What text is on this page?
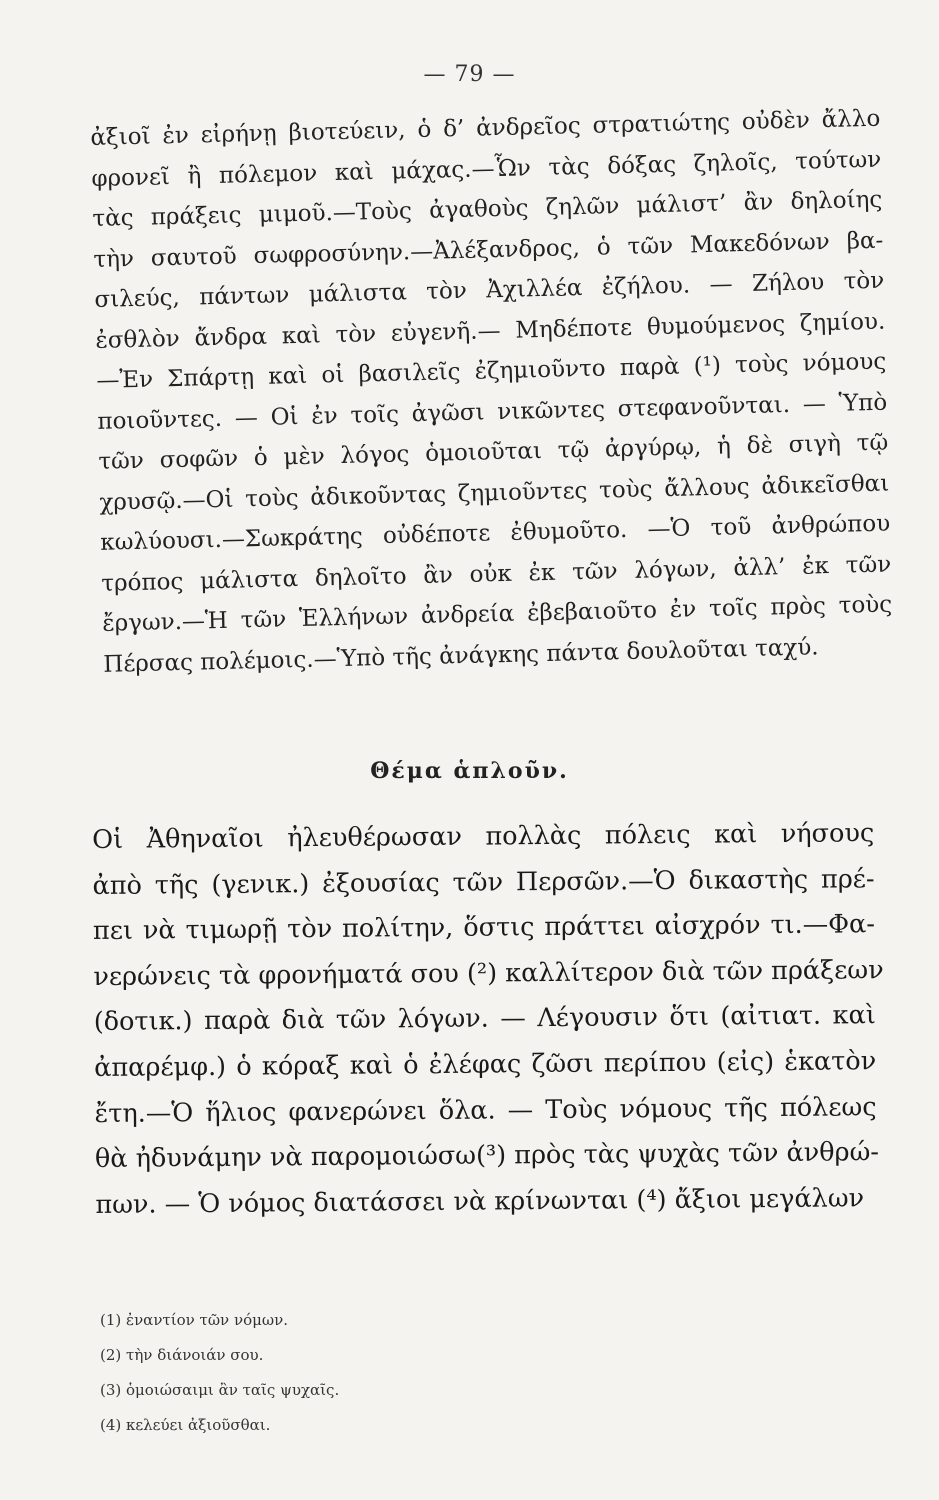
— 79 —
ἀξιοῖ ἐν εἰρήνῃ βιοτεύειν, ὁ δ’ ἀνδρεῖος στρατιώτης οὐδὲν ἄλλο
φρονεῖ ἢ πόλεμον καὶ μάχας.—Ὧν τὰς δόξας ζηλοῖς, τούτων
τὰς πράξεις μιμοῦ.—Τοὺς ἀγαθοὺς ζηλῶν μάλιστ’ ἂν δηλοίης
τὴν σαυτοῦ σωφροσύνην.—Ἀλέξανδρος, ὁ τῶν Μακεδόνων βα-
σιλεύς, πάντων μάλιστα τὸν Ἀχιλλέα ἐζήλου. — Ζήλου τὸν
ἐσθλὸν ἄνδρα καὶ τὸν εὐγενῆ.— Μηδέποτε θυμούμενος ζημίου.
—Ἐν Σπάρτῃ καὶ οἱ βασιλεῖς ἐζημιοῦντο παρὰ (¹) τοὺς νόμους
ποιοῦντες. — Οἱ ἐν τοῖς ἀγῶσι νικῶντες στεφανοῦνται. — Ὑπὸ
τῶν σοφῶν ὁ μὲν λόγος ὁμοιοῦται τῷ ἀργύρῳ, ἡ δὲ σιγὴ τῷ
χρυσῷ.—Οἱ τοὺς ἀδικοῦντας ζημιοῦντες τοὺς ἄλλους ἀδικεῖσθαι
κωλύουσι.—Σωκράτης οὐδέποτε ἐθυμοῦτο. —Ὁ τοῦ ἀνθρώπου
τρόπος μάλιστα δηλοῖτο ἂν οὐκ ἐκ τῶν λόγων, ἀλλ’ ἐκ τῶν
ἔργων.—Ἡ τῶν Ἑλλήνων ἀνδρεία ἐβεβαιοῦτο ἐν τοῖς πρὸς τοὺς
Πέρσας πολέμοις.—Ὑπὸ τῆς ἀνάγκης πάντα δουλοῦται ταχύ.
Θέμα ἁπλοῦν.
Οἱ Ἀθηναῖοι ἠλευθέρωσαν πολλὰς πόλεις καὶ νήσους
ἀπὸ τῆς (γενικ.) ἐξουσίας τῶν Περσῶν.—Ὁ δικαστὴς πρέ-
πει νὰ τιμωρῇ τὸν πολίτην, ὅστις πράττει αἰσχρόν τι.—Φα-
νερώνεις τὰ φρονήματά σου (²) καλλίτερον διὰ τῶν πράξεων
(δοτικ.) παρὰ διὰ τῶν λόγων. — Λέγουσιν ὅτι (αἰτιατ. καὶ
ἀπαρέμφ.) ὁ κόραξ καὶ ὁ ἐλέφας ζῶσι περίπου (εἰς) ἑκατὸν
ἔτη.—Ὁ ἥλιος φανερώνει ὅλα. — Τοὺς νόμους τῆς πόλεως
θὰ ἠδυνάμην νὰ παρομοιώσω(³) πρὸς τὰς ψυχὰς τῶν ἀνθρώ-
πων. — Ὁ νόμος διατάσσει νὰ κρίνωνται (⁴) ἄξιοι μεγάλων
(1) ἐναντίον τῶν νόμων.
(2) τὴν διάνοιάν σου.
(3) ὁμοιώσαιμι ἂν ταῖς ψυχαῖς.
(4) κελεύει ἀξιοῦσθαι.
